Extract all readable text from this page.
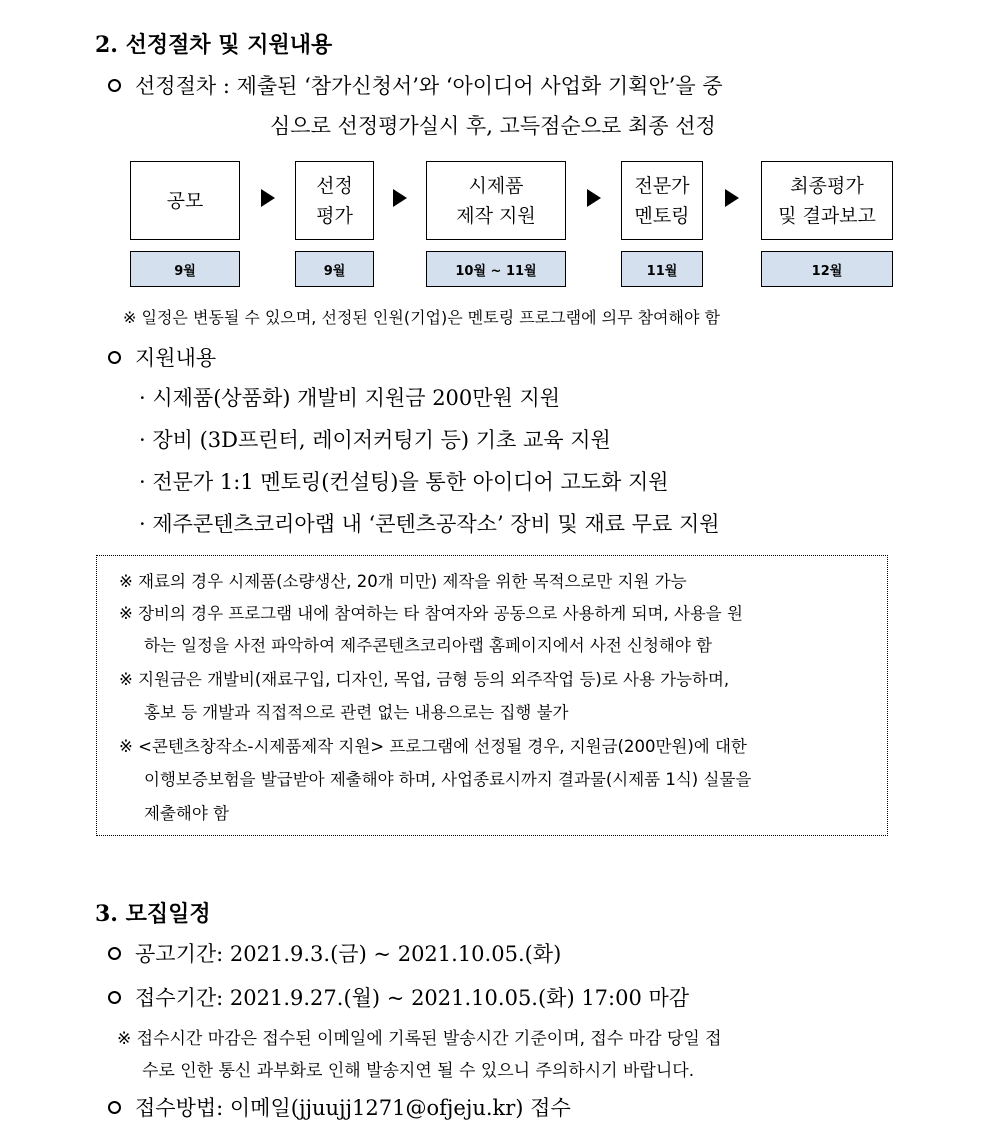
2. 선정절차 및 지원내용
선정절차 : 제출된 ‘참가신청서’와 ‘아이디어 사업화 기획안’을 중
심으로 선정평가실시 후, 고득점순으로 최종 선정
공모
선정
평가
시제품
제작 지원
전문가
멘토링
최종평가
및 결과보고
9월	9월	10월 ~ 11월	11월	12월
※ 일정은 변동될 수 있으며, 선정된 인원(기업)은 멘토링 프로그램에 의무 참여해야 함
지원내용
· 시제품(상품화) 개발비 지원금 200만원 지원
· 장비 (3D프린터, 레이저커팅기 등) 기초 교육 지원
· 전문가 1:1 멘토링(컨설팅)을 통한 아이디어 고도화 지원
· 제주콘텐츠코리아랩 내 ‘콘텐츠공작소’ 장비 및 재료 무료 지원
※ 재료의 경우 시제품(소량생산, 20개 미만) 제작을 위한 목적으로만 지원 가능
※ 장비의 경우 프로그램 내에 참여하는 타 참여자와 공동으로 사용하게 되며, 사용을 원
하는 일정을 사전 파악하여 제주콘텐츠코리아랩 홈페이지에서 사전 신청해야 함
※ 지원금은 개발비(재료구입, 디자인, 목업, 금형 등의 외주작업 등)로 사용 가능하며,
홍보 등 개발과 직접적으로 관련 없는 내용으로는 집행 불가
※ <콘텐츠창작소-시제품제작 지원> 프로그램에 선정될 경우, 지원금(200만원)에 대한
이행보증보험을 발급받아 제출해야 하며, 사업종료시까지 결과물(시제품 1식) 실물을
제출해야 함
3. 모집일정
공고기간: 2021.9.3.(금) ~ 2021.10.05.(화)
접수기간: 2021.9.27.(월) ~ 2021.10.05.(화) 17:00 마감
※ 접수시간 마감은 접수된 이메일에 기록된 발송시간 기준이며, 접수 마감 당일 접
수로 인한 통신 과부화로 인해 발송지연 될 수 있으니 주의하시기 바랍니다.
접수방법: 이메일(jjuujj1271@ofjeju.kr) 접수
